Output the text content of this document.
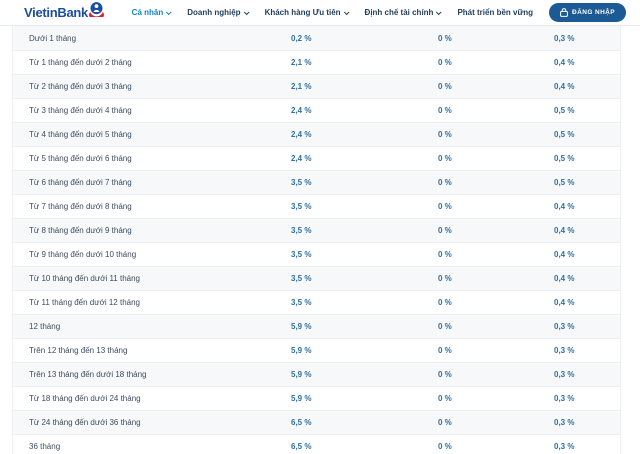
VietinBank	Cá nhân	Doanh nghiệp	Khách hàng Ưu tiên	Định chế tài chính	Phát triển bền vững	ĐĂNG NHẬP
Dưới 1 tháng	0,2 %	0 %	0,3 %
Từ 1 tháng đến dưới 2 tháng	2,1 %	0 %	0,4 %
Từ 2 tháng đến dưới 3 tháng	2,1 %	0 %	0,4 %
Từ 3 tháng đến dưới 4 tháng	2,4 %	0 %	0,5 %
Từ 4 tháng đến dưới 5 tháng	2,4 %	0 %	0,5 %
Từ 5 tháng đến dưới 6 tháng	2,4 %	0 %	0,5 %
Từ 6 tháng đến dưới 7 tháng	3,5 %	0 %	0,5 %
Từ 7 tháng đến dưới 8 tháng	3,5 %	0 %	0,4 %
Từ 8 tháng đến dưới 9 tháng	3,5 %	0 %	0,4 %
Từ 9 tháng đến dưới 10 tháng	3,5 %	0 %	0,4 %
Từ 10 tháng đến dưới 11 tháng	3,5 %	0 %	0,4 %
Từ 11 tháng đến dưới 12 tháng	3,5 %	0 %	0,4 %
12 tháng	5,9 %	0 %	0,3 %
Trên 12 tháng đến 13 tháng	5,9 %	0 %	0,3 %
Trên 13 tháng đến dưới 18 tháng	5,9 %	0 %	0,3 %
Từ 18 tháng đến dưới 24 tháng	5,9 %	0 %	0,3 %
Từ 24 tháng đến dưới 36 tháng	6,5 %	0 %	0,3 %
36 tháng	6,5 %	0 %	0,3 %
